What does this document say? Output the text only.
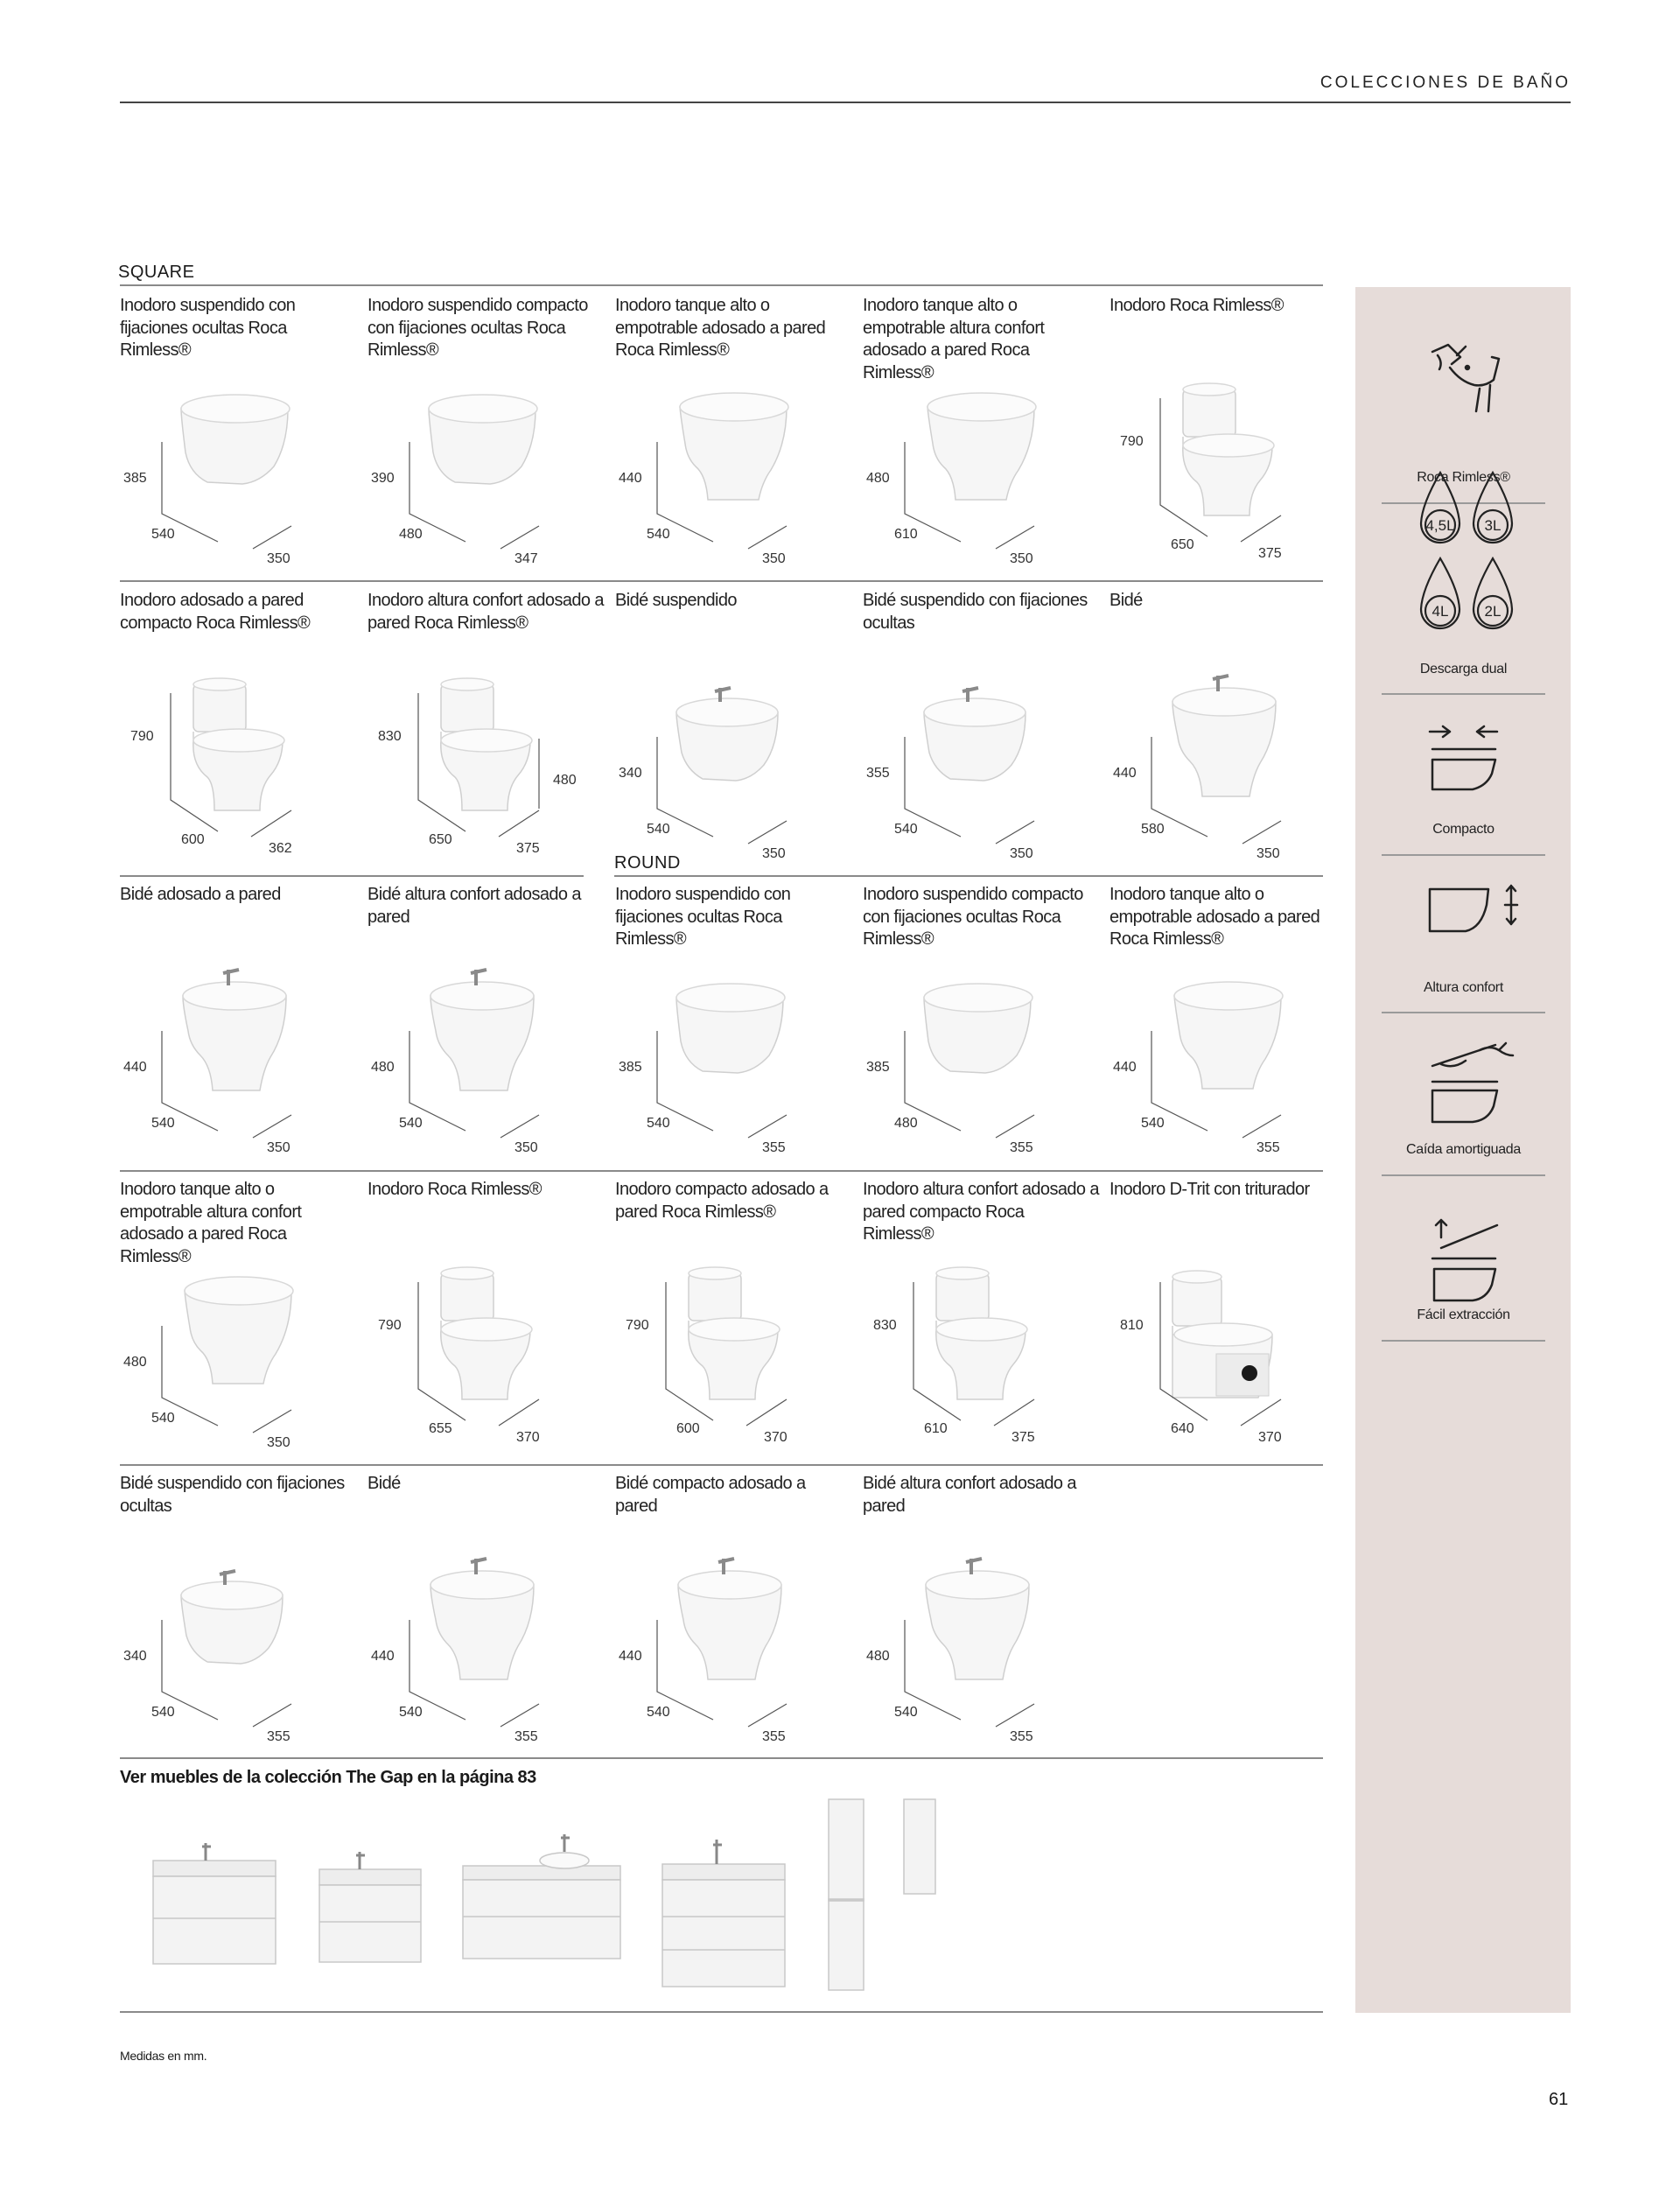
COLECCIONES DE BAÑO
SQUARE
Inodoro suspendido con fijaciones ocultas Roca Rimless®
385
540
350
Inodoro suspendido compacto con fijaciones ocultas Roca Rimless®
390
480
347
Inodoro tanque alto o empotrable adosado a pared Roca Rimless®
440
540
350
Inodoro tanque alto o empotrable altura confort adosado a pared Roca Rimless®
480
610
350
Inodoro Roca Rimless®
790
650
375
Inodoro adosado a pared compacto Roca Rimless®
790
600
362
Inodoro altura confort adosado a pared Roca Rimless®
830
650
375
480
Bidé suspendido
340
540
350
Bidé suspendido con fijaciones ocultas
355
540
350
Bidé
440
580
350
Bidé adosado a pared
440
540
350
Bidé altura confort adosado a pared
480
540
350
Inodoro suspendido con fijaciones ocultas Roca Rimless®
385
540
355
Inodoro suspendido compacto con fijaciones ocultas Roca Rimless®
385
480
355
Inodoro tanque alto o empotrable adosado a pared Roca Rimless®
440
540
355
Inodoro tanque alto o empotrable altura confort adosado a pared Roca Rimless®
480
540
350
Inodoro Roca Rimless®
790
655
370
Inodoro compacto adosado a pared Roca Rimless®
790
600
370
Inodoro altura confort adosado a pared compacto Roca Rimless®
830
610
375
Inodoro D-Trit con triturador
810
640
370
Bidé suspendido con fijaciones ocultas
340
540
355
Bidé
440
540
355
Bidé compacto adosado a pared
440
540
355
Bidé altura confort adosado a pared
480
540
355
ROUND
Roca Rimless®
4,5L 3L
4L 2L
Descarga dual
Compacto
Altura confort
Caída amortiguada
Fácil extracción
Ver muebles de la colección The Gap en la página 83
Medidas en mm.
61
